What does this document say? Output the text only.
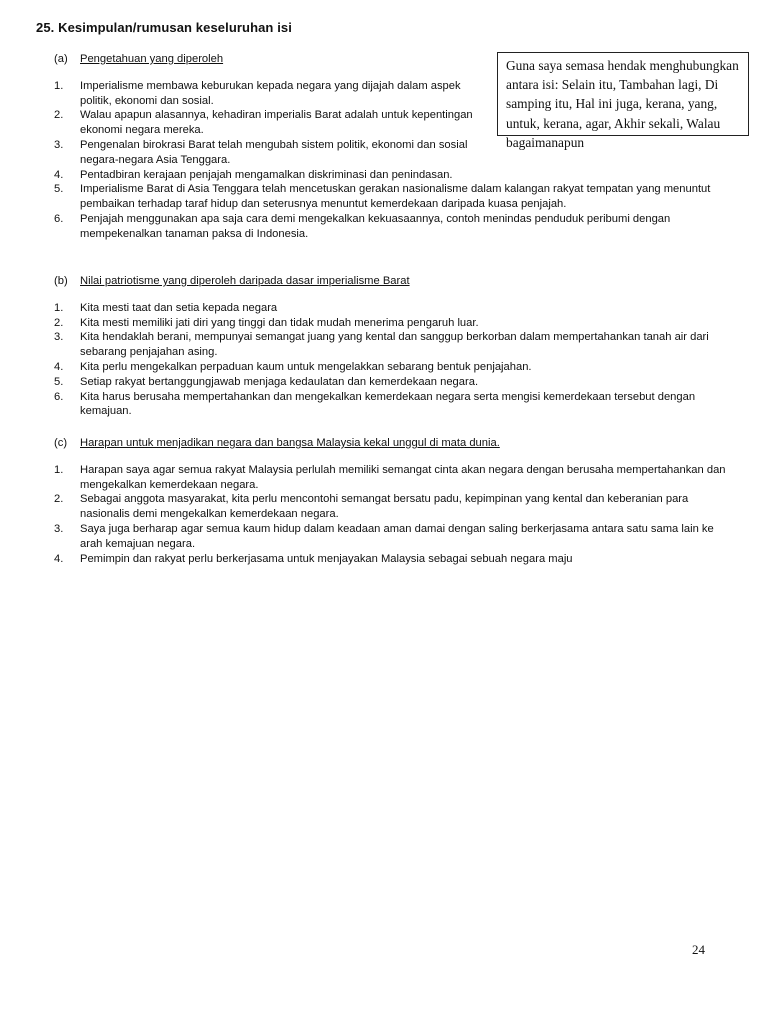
25. Kesimpulan/rumusan keseluruhan isi
Guna saya semasa hendak menghubungkan antara isi: Selain itu, Tambahan lagi, Di samping itu, Hal ini juga, kerana, yang, untuk, kerana, agar, Akhir sekali, Walau bagaimanapun
(a)	Pengetahuan yang diperoleh
1.	Imperialisme membawa keburukan kepada negara yang dijajah dalam aspek politik, ekonomi dan sosial.
2.	Walau apapun alasannya, kehadiran imperialis Barat adalah untuk kepentingan ekonomi negara mereka.
3.	Pengenalan birokrasi Barat telah mengubah sistem politik, ekonomi dan sosial negara-negara Asia Tenggara.
4.	Pentadbiran kerajaan penjajah mengamalkan diskriminasi dan penindasan.
5.	Imperialisme Barat di Asia Tenggara telah mencetuskan gerakan nasionalisme dalam kalangan rakyat tempatan yang menuntut pembaikan terhadap taraf hidup dan seterusnya menuntut kemerdekaan daripada kuasa penjajah.
6.	Penjajah menggunakan apa saja cara demi mengekalkan kekuasaannya, contoh menindas penduduk peribumi dengan mempekenalkan tanaman paksa di Indonesia.
(b)	Nilai patriotisme yang diperoleh daripada dasar imperialisme Barat
1.	Kita mesti taat dan setia kepada negara
2.	Kita mesti memiliki jati diri yang tinggi dan tidak mudah menerima pengaruh luar.
3.	Kita hendaklah berani, mempunyai semangat juang yang kental dan sanggup berkorban dalam mempertahankan tanah air dari sebarang penjajahan asing.
4.	Kita perlu mengekalkan perpaduan kaum untuk mengelakkan sebarang bentuk penjajahan.
5.	Setiap rakyat bertanggungjawab menjaga kedaulatan dan kemerdekaan negara.
6.	Kita harus berusaha mempertahankan dan mengekalkan kemerdekaan negara serta mengisi kemerdekaan tersebut dengan kemajuan.
(c)	Harapan untuk menjadikan negara dan bangsa Malaysia kekal unggul di mata dunia.
1.	Harapan saya agar semua rakyat Malaysia perlulah memiliki semangat cinta akan negara dengan berusaha mempertahankan dan mengekalkan kemerdekaan negara.
2.	Sebagai anggota masyarakat, kita perlu mencontohi semangat bersatu padu, kepimpinan yang kental dan keberanian para nasionalis demi mengekalkan kemerdekaan negara.
3.	Saya juga berharap agar semua kaum hidup dalam keadaan aman damai dengan saling berkerjasama antara satu sama lain ke arah kemajuan negara.
4.	Pemimpin dan rakyat perlu berkerjasama untuk menjayakan Malaysia sebagai sebuah negara maju
24
